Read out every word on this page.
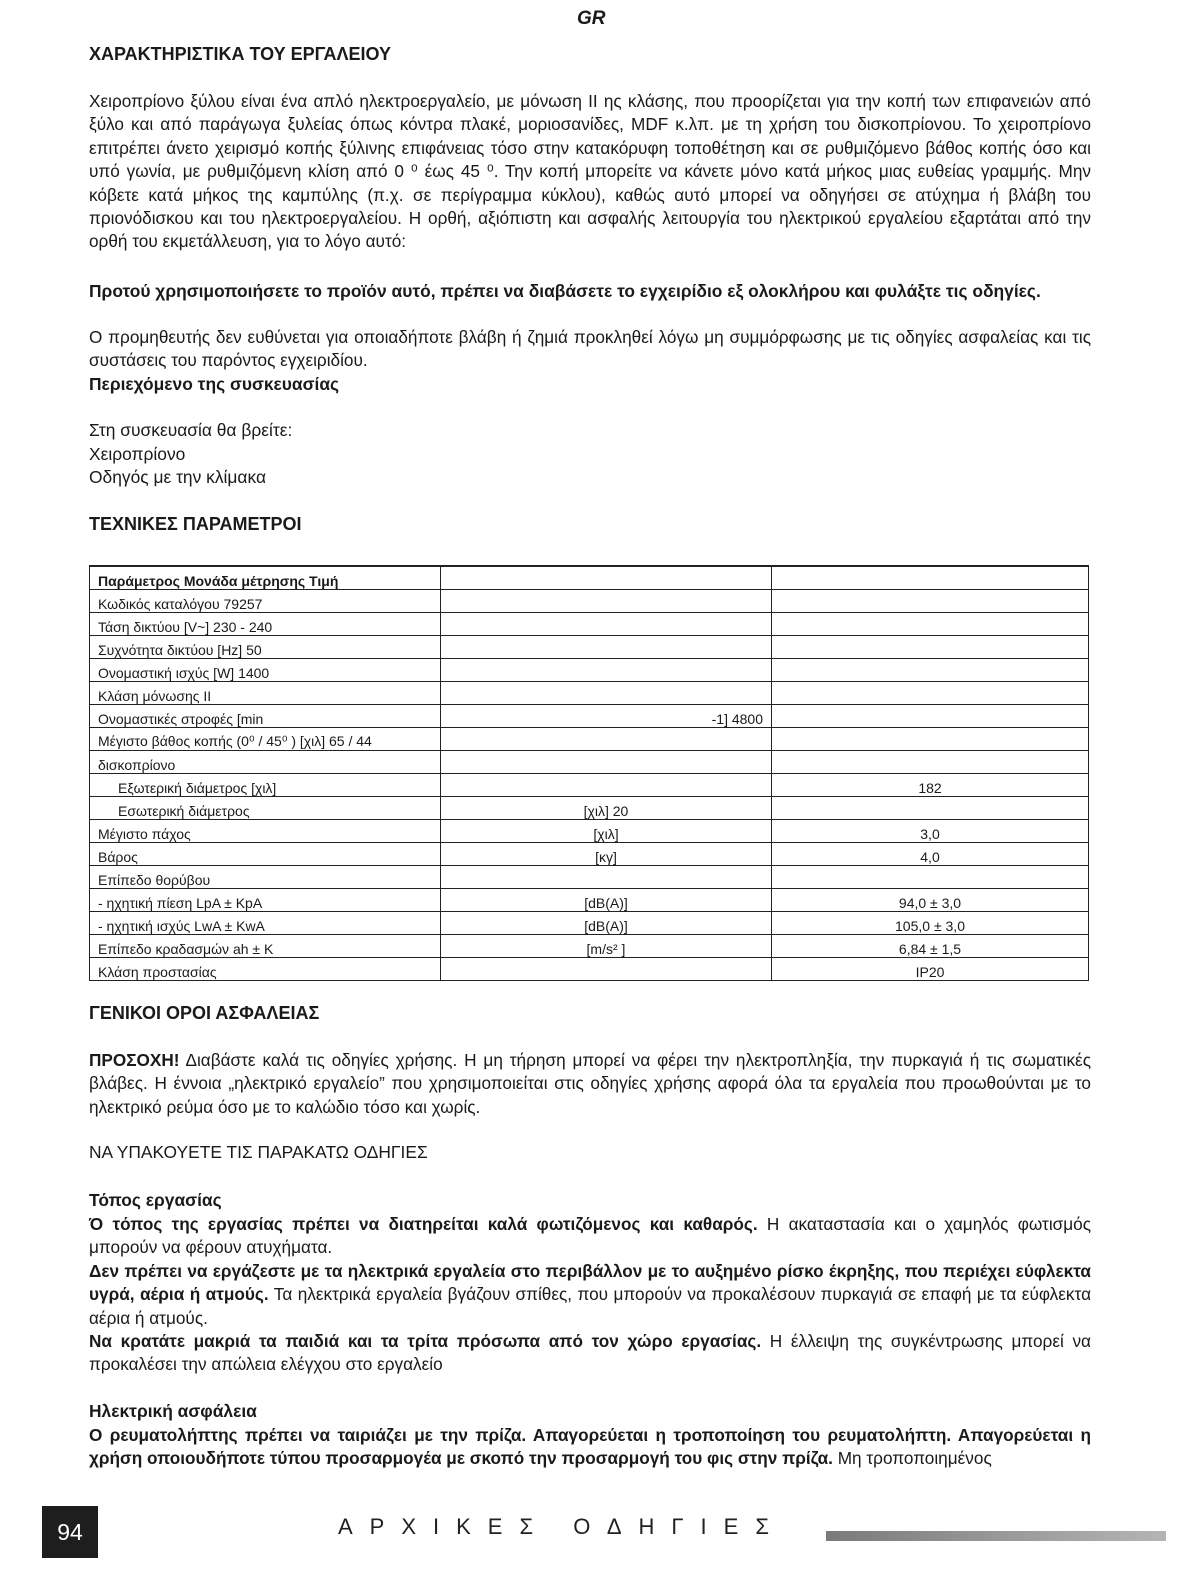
GR
ΧΑΡΑΚΤΗΡΙΣΤΙΚΑ ΤΟΥ ΕΡΓΑΛΕΙΟΥ

Χειροπρίονο ξύλου είναι ένα απλό ηλεκτροεργαλείο, με μόνωση II ης κλάσης, που προορίζεται για την κοπή των επιφανειών από ξύλο και από παράγωγα ξυλείας όπως κόντρα πλακέ, μοριοσανίδες, MDF κ.λπ. με τη χρήση του δισκοπρίονου. Το χειροπρίονο επιτρέπει άνετο χειρισμό κοπής ξύλινης επιφάνειας τόσο στην κατακόρυφη τοποθέτηση και σε ρυθμιζόμενο βάθος κοπής όσο και υπό γωνία, με ρυθμιζόμενη κλίση από 0 ⁰ έως 45 ⁰. Την κοπή μπορείτε να κάνετε μόνο κατά μήκος μιας ευθείας γραμμής. Μην κόβετε κατά μήκος της καμπύλης (π.χ. σε περίγραμμα κύκλου), καθώς αυτό μπορεί να οδηγήσει σε ατύχημα ή βλάβη του πριονόδισκου και του ηλεκτροεργαλείου. Η ορθή, αξιόπιστη και ασφαλής λειτουργία του ηλεκτρικού εργαλείου εξαρτάται από την ορθή του εκμετάλλευση, για το λόγο αυτό:

Προτού χρησιμοποιήσετε το προϊόν αυτό, πρέπει να διαβάσετε το εγχειρίδιο εξ ολοκλήρου και φυλάξτε τις οδηγίες.
Ο προμηθευτής δεν ευθύνεται για οποιαδήποτε βλάβη ή ζημιά προκληθεί λόγω μη συμμόρφωσης με τις οδηγίες ασφαλείας και τις συστάσεις του παρόντος εγχειριδίου.
Περιεχόμενο της συσκευασίας
Στη συσκευασία θα βρείτε:
Χειροπρίονο
Οδηγός με την κλίμακα
ΤΕΧΝΙΚΕΣ ΠΑΡΑΜΕΤΡΟΙ
Παράμετρος Μονάδα μέτρησης Τιμή		
Κωδικός καταλόγου 79257		
Τάση δικτύου [V~] 230 - 240		
Συχνότητα δικτύου [Hz] 50		
Ονομαστική ισχύς [W] 1400		
Κλάση μόνωσης II		
Ονομαστικές στροφές [min	-1] 4800	
Μέγιστο βάθος κοπής (0⁰ / 45⁰ ) [χιλ] 65 / 44		
δισκοπρίονο		
Εξωτερική διάμετρος [χιλ]		182
Εσωτερική διάμετρος	[χιλ] 20	
Μέγιστο πάχος	[χιλ]	3,0
Βάρος	[κγ]	4,0
Επίπεδο θορύβου		
- ηχητική πίεση LpA ± KpA	[dB(A)]	94,0 ± 3,0
- ηχητική ισχύς LwA ± KwA	[dB(A)]	105,0 ± 3,0
Επίπεδο κραδασμών ah ± K	[m/s² ]	6,84 ± 1,5
Κλάση προστασίας		IP20
ΓΕΝΙΚΟΙ ΟΡΟΙ ΑΣΦΑΛΕΙΑΣ
ΠΡΟΣΟΧΗ! Διαβάστε καλά τις οδηγίες χρήσης. Η μη τήρηση μπορεί να φέρει την ηλεκτροπληξία, την πυρκαγιά ή τις σωματικές βλάβες. Η έννοια „ηλεκτρικό εργαλείο” που χρησιμοποιείται στις οδηγίες χρήσης αφορά όλα τα εργαλεία που προωθούνται με το ηλεκτρικό ρεύμα όσο με το καλώδιο τόσο και χωρίς.
ΝΑ ΥΠΑΚΟΥΕΤΕ ΤΙΣ ΠΑΡΑΚΑΤΩ ΟΔΗΓΙΕΣ
Τόπος εργασίας

Ό τόπος της εργασίας πρέπει να διατηρείται καλά φωτιζόμενος και καθαρός. Η ακαταστασία και ο χαμηλός φωτισμός μπορούν να φέρουν ατυχήματα.

Δεν πρέπει να εργάζεστε με τα ηλεκτρικά εργαλεία στο περιβάλλον με το αυξημένο ρίσκο έκρηξης, που περιέχει εύφλεκτα υγρά, αέρια ή ατμούς. Τα ηλεκτρικά εργαλεία βγάζουν σπίθες, που μπορούν να προκαλέσουν πυρκαγιά σε επαφή με τα εύφλεκτα αέρια ή ατμούς.

Να κρατάτε μακριά τα παιδιά και τα τρίτα πρόσωπα από τον χώρο εργασίας. Η έλλειψη της συγκέντρωσης μπορεί να προκαλέσει την απώλεια ελέγχου στο εργαλείο

Ηλεκτρική ασφάλεια
Ο ρευματολήπτης πρέπει να ταιριάζει με την πρίζα. Απαγορεύεται η τροποποίηση του ρευματολήπτη. Απαγορεύεται η χρήση οποιουδήποτε τύπου προσαρμογέα με σκοπό την προσαρμογή του φις στην πρίζα. Μη τροποποιημένος
94	ΑΡΧΙΚΕΣ ΟΔΗΓΙΕΣ
